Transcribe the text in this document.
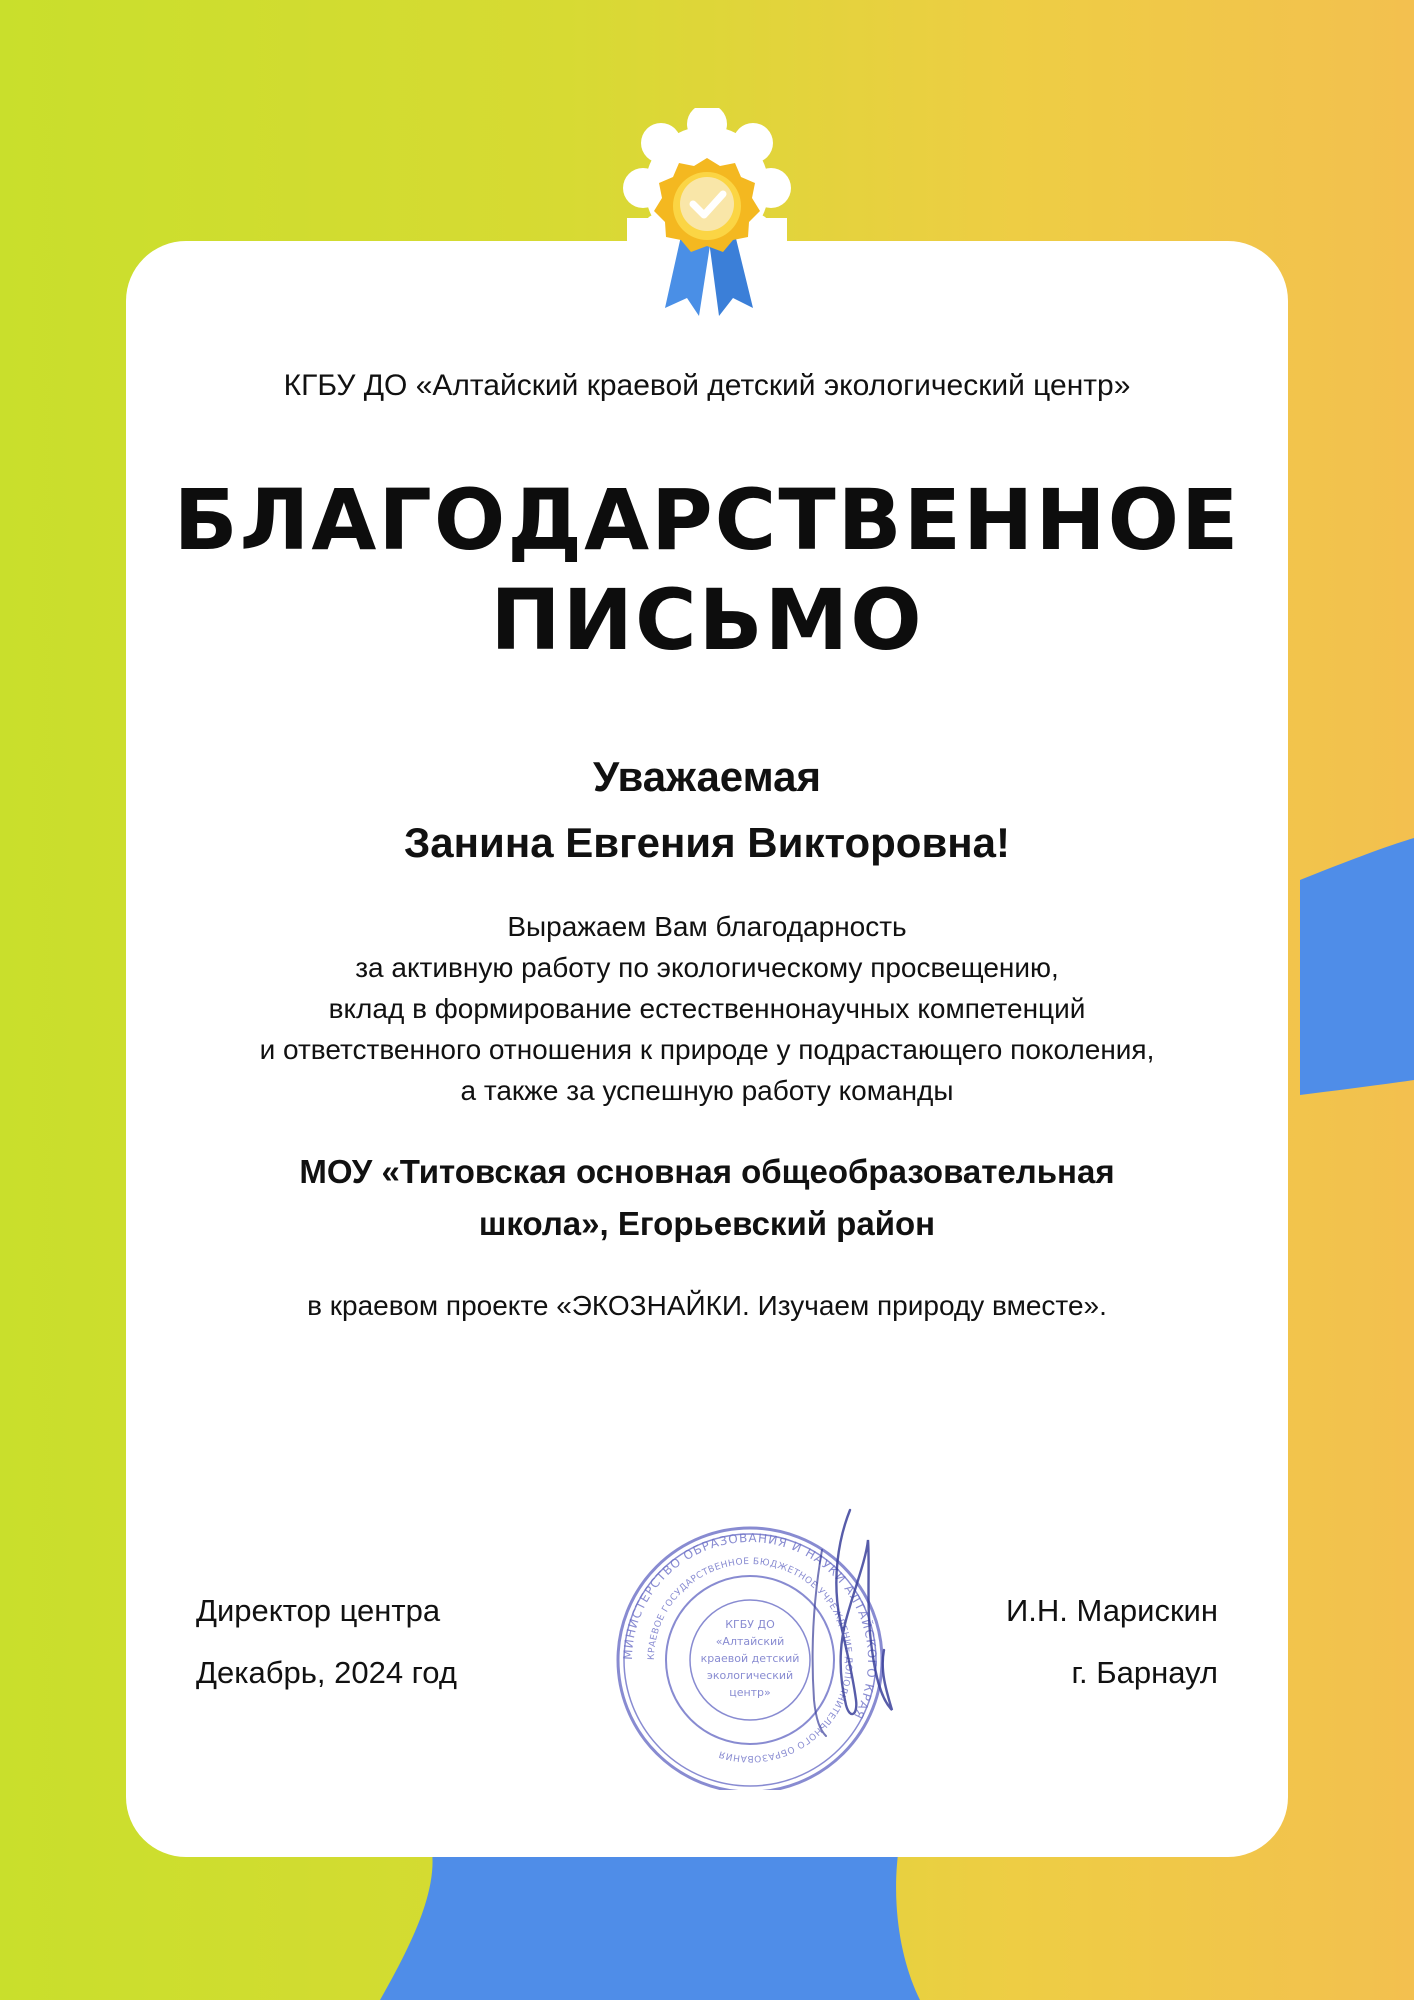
КГБУ ДО «Алтайский краевой детский экологический центр»
БЛАГОДАРСТВЕННОЕ
ПИСЬМО
Уважаемая
Занина Евгения Викторовна!
Выражаем Вам благодарность
за активную работу по экологическому просвещению,
вклад в формирование естественнонаучных компетенций
и ответственного отношения к природе у подрастающего поколения,
а также за успешную работу команды
МОУ «Титовская основная общеобразовательная
школа», Егорьевский район
в краевом проекте «ЭКОЗНАЙКИ. Изучаем природу вместе».
МИНИСТЕРСТВО ОБРАЗОВАНИЯ И НАУКИ АЛТАЙСКОГО КРАЯ
КРАЕВОЕ ГОСУДАРСТВЕННОЕ БЮДЖЕТНОЕ УЧРЕЖДЕНИЕ ДОПОЛНИТЕЛЬНОГО ОБРАЗОВАНИЯ
КГБУ ДО
«Алтайский
краевой детский
экологический
центр»
Директор центра
Декабрь, 2024 год
И.Н. Марискин
г. Барнаул
